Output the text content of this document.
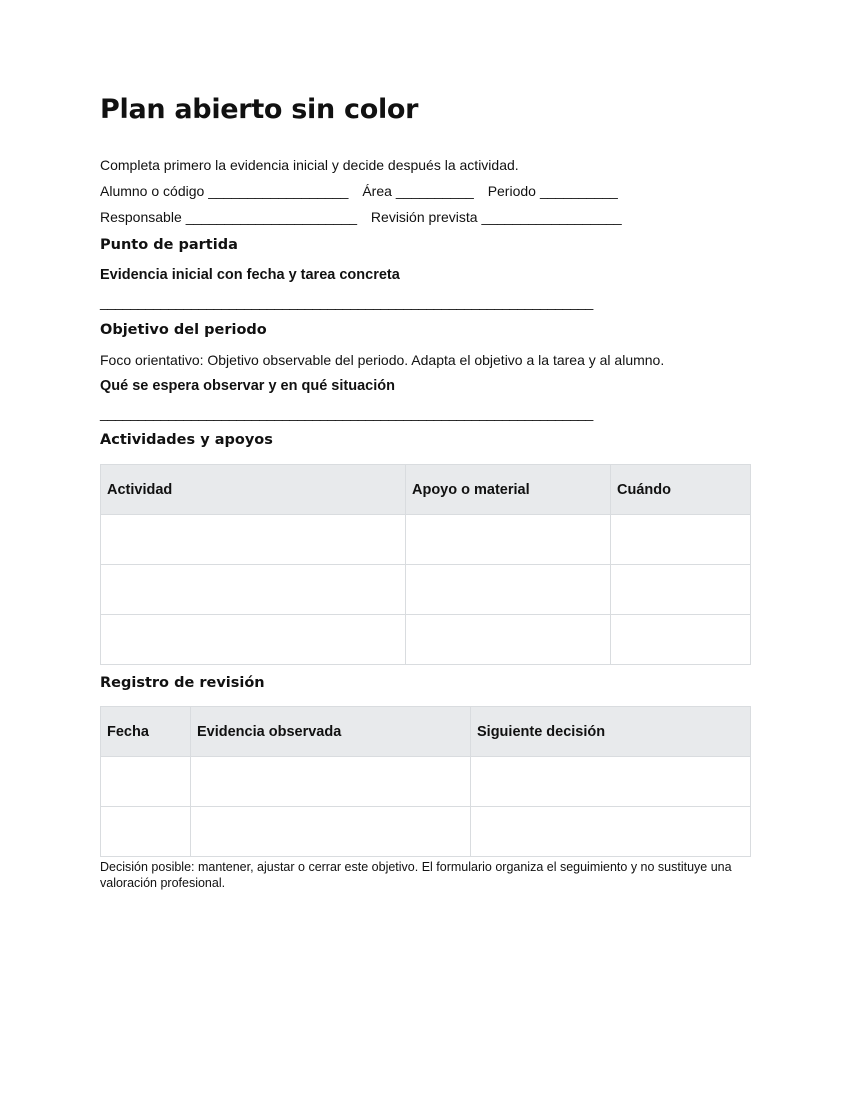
Plan abierto sin color
Completa primero la evidencia inicial y decide después la actividad.
Alumno o código __________________ Área __________ Periodo __________
Responsable ______________________ Revisión prevista __________________
Punto de partida
Evidencia inicial con fecha y tarea concreta
_________________________________________________________________
Objetivo del periodo
Foco orientativo: Objetivo observable del periodo. Adapta el objetivo a la tarea y al alumno.
Qué se espera observar y en qué situación
_________________________________________________________________
Actividades y apoyos
Actividad	Apoyo o material	Cuándo

Registro de revisión
Fecha	Evidencia observada	Siguiente decisión

Decisión posible: mantener, ajustar o cerrar este objetivo. El formulario organiza el seguimiento y no sustituye una valoración profesional.
